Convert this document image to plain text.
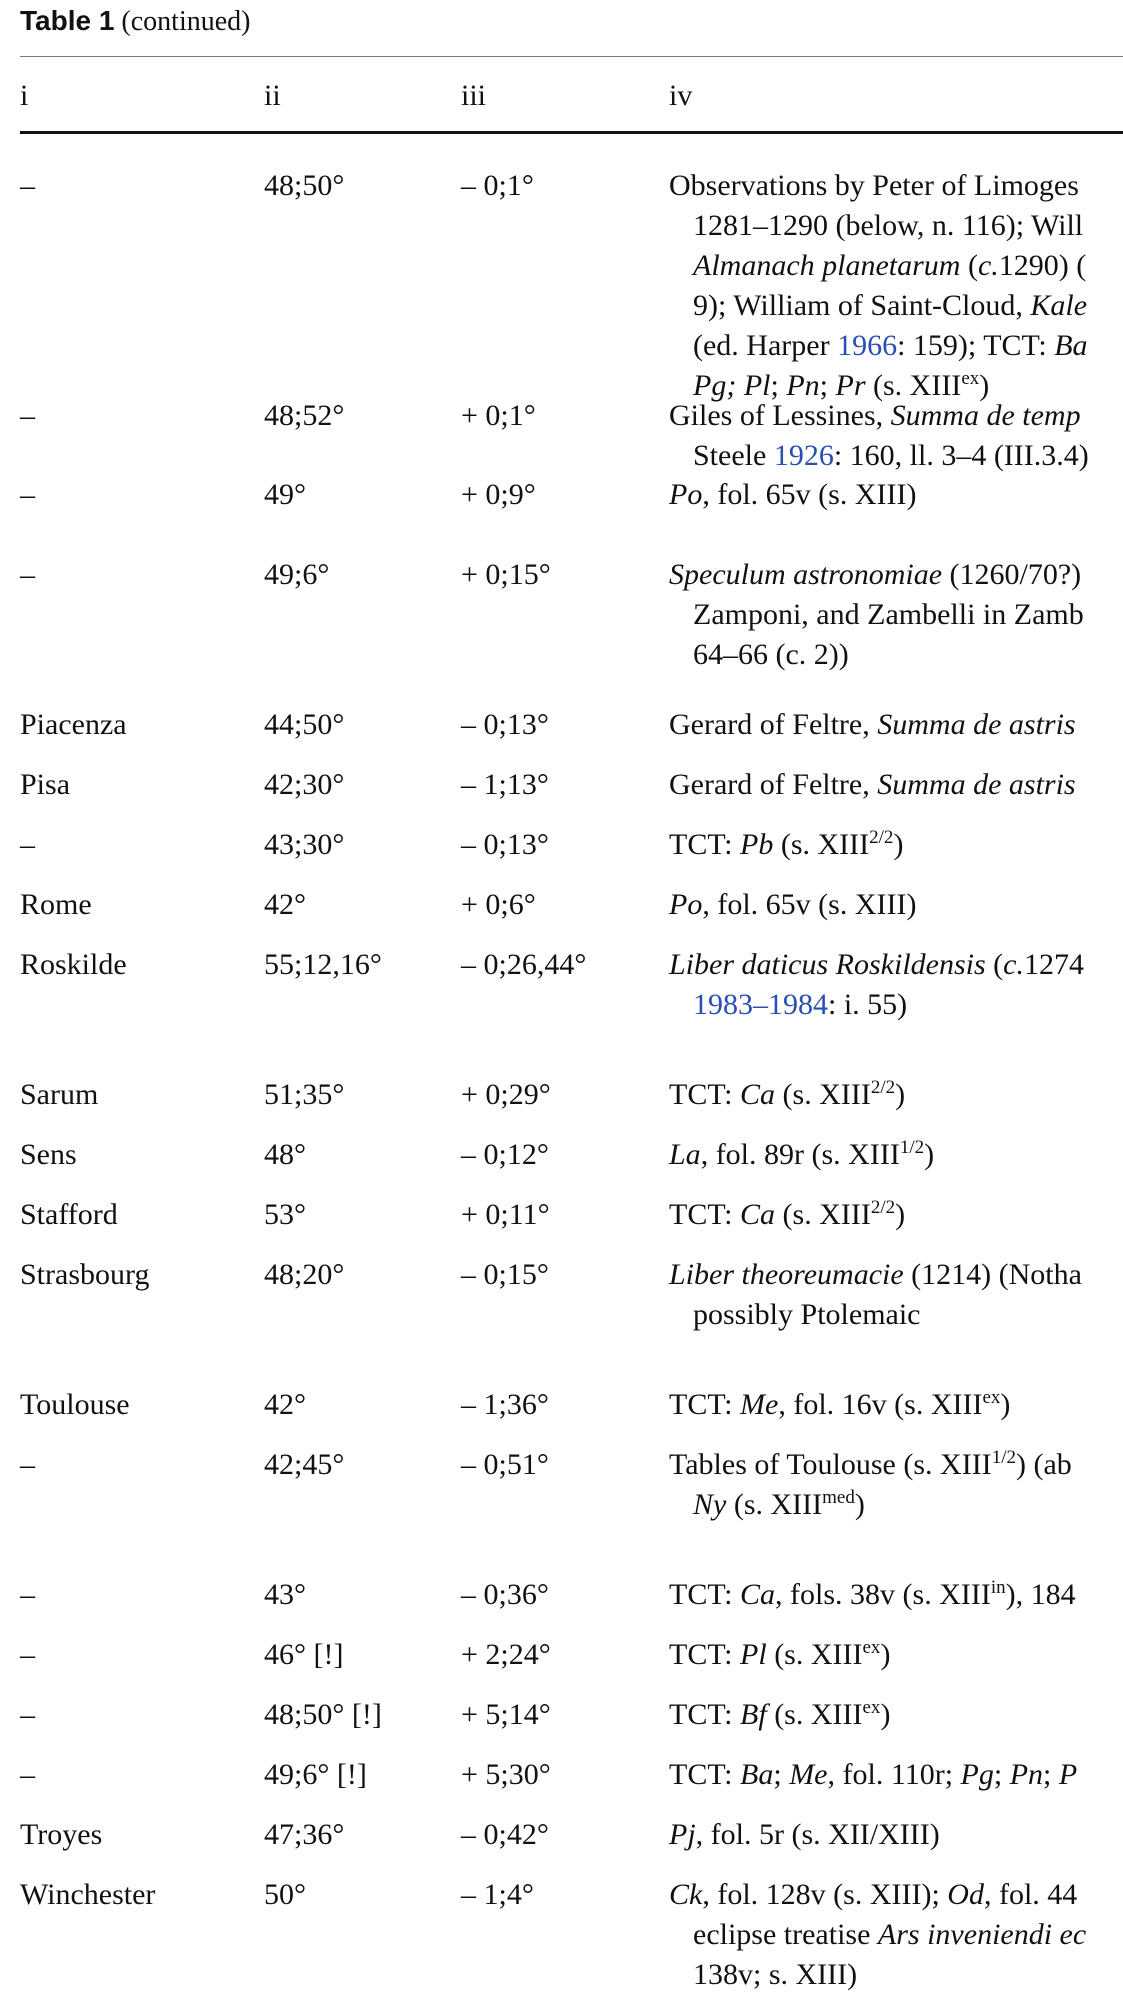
Table 1 (continued)
i	ii	iii	iv
–	48;50°	– 0;1°	Observations by Peter of Limoges
1281–1290 (below, n. 116); Will
Almanach planetarum (c.1290) (
9); William of Saint-Cloud, Kale
(ed. Harper 1966: 159); TCT: Ba
Pg; Pl; Pn; Pr (s. $XIII^{ex}$)
–	48;52°	+ 0;1°	Giles of Lessines, Summa de temp
Steele 1926: 160, ll. 3–4 (III.3.4)
–	49°	+ 0;9°	Po, fol. 65v (s. XIII)
–	49;6°	+ 0;15°	Speculum astronomiae (1260/70?)
Zamponi, and Zambelli in Zamb
64–66 (c. 2))
Piacenza	44;50°	– 0;13°	Gerard of Feltre, Summa de astris
Pisa	42;30°	– 1;13°	Gerard of Feltre, Summa de astris
–	43;30°	– 0;13°	TCT: Pb (s. $XIII^{2/2}$)
Rome	42°	+ 0;6°	Po, fol. 65v (s. XIII)
Roskilde	55;12,16°	– 0;26,44°	Liber daticus Roskildensis (c.1274
1983–1984: i. 55)
Sarum	51;35°	+ 0;29°	TCT: Ca (s. $XIII^{2/2}$)
Sens	48°	– 0;12°	La, fol. 89r (s. $XIII^{1/2}$)
Stafford	53°	+ 0;11°	TCT: Ca (s. $XIII^{2/2}$)
Strasbourg	48;20°	– 0;15°	Liber theoreumacie (1214) (Notha
possibly Ptolemaic
Toulouse	42°	– 1;36°	TCT: Me, fol. 16v (s. $XIII^{ex}$)
–	42;45°	– 0;51°	Tables of Toulouse (s. $XIII^{1/2}$) (ab
Ny (s. $XIII^{med}$)
–	43°	– 0;36°	TCT: Ca, fols. 38v (s. $XIII^{in}$), 184
–	46° [!]	+ 2;24°	TCT: Pl (s. $XIII^{ex}$)
–	48;50° [!]	+ 5;14°	TCT: Bf (s. $XIII^{ex}$)
–	49;6° [!]	+ 5;30°	TCT: Ba; Me, fol. 110r; Pg; Pn; P
Troyes	47;36°	– 0;42°	Pj, fol. 5r (s. XII/XIII)
Winchester	50°	– 1;4°	Ck, fol. 128v (s. XIII); Od, fol. 44
eclipse treatise Ars inveniendi ec
138v; s. XIII)
